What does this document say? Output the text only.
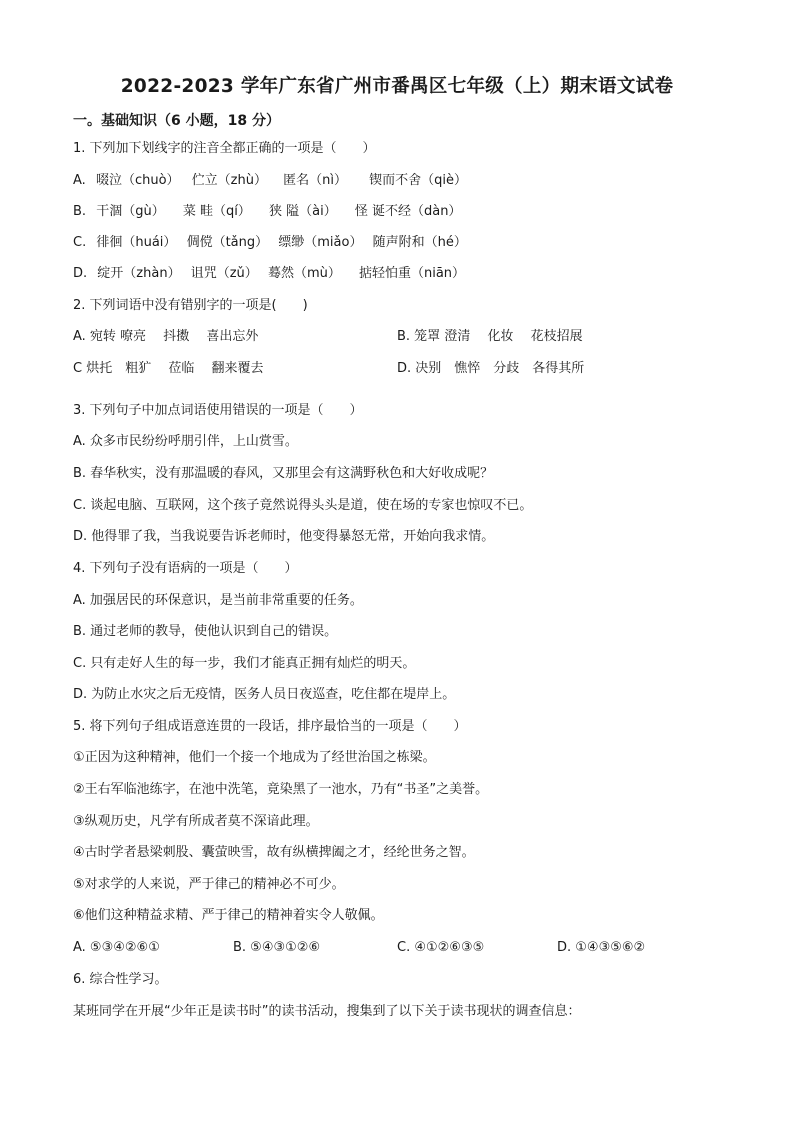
2022-2023 学年广东省广州市番禺区七年级（上）期末语文试卷
一。基础知识（6 小题，18 分）
1. 下列加下划线字的注音全都正确的一项是（　　）
A. 啜泣（chuò） 伫立（zhù） 匿名（nì） 锲而不舍（qiè）
B. 干涸（gù） 菜 畦（qí） 狭 隘（ài） 怪 诞不经（dàn）
C. 徘徊（huái） 倜傥（tǎng） 缥缈（miǎo） 随声附和（hé）
D. 绽开（zhàn） 诅咒（zǔ） 蓦然（mù） 掂轻怕重（niān）
2. 下列词语中没有错别字的一项是(　　)
A. 宛转 嘹亮　 抖擞　 喜出忘外	B. 笼罩 澄清　 化妆　 花枝招展
C 烘托　粗犷　 莅临　 翻来覆去	D. 决别　憔悴　分歧　各得其所
3. 下列句子中加点词语使用错误的一项是（　　）
A. 众多市民纷纷呼朋引伴，上山赏雪。
B. 春华秋实，没有那温暖的春风，又那里会有这满野秋色和大好收成呢？
C. 谈起电脑、互联网，这个孩子竟然说得头头是道，使在场的专家也惊叹不已。
D. 他得罪了我，当我说要告诉老师时，他变得暴怒无常，开始向我求情。
4. 下列句子没有语病的一项是（　　）
A. 加强居民的环保意识，是当前非常重要的任务。
B. 通过老师的教导，使他认识到自己的错误。
C. 只有走好人生的每一步，我们才能真正拥有灿烂的明天。
D. 为防止水灾之后无疫情，医务人员日夜巡查，吃住都在堤岸上。
5. 将下列句子组成语意连贯的一段话，排序最恰当的一项是（　　）
①正因为这种精神，他们一个接一个地成为了经世治国之栋梁。
②王右军临池练字，在池中洗笔，竟染黑了一池水，乃有“书圣”之美誉。
③纵观历史，凡学有所成者莫不深谙此理。
④古时学者悬梁刺股、囊萤映雪，故有纵横捭阖之才，经纶世务之智。
⑤对求学的人来说，严于律己的精神必不可少。
⑥他们这种精益求精、严于律己的精神着实令人敬佩。
A. ⑤③④②⑥①	B. ⑤④③①②⑥	C. ④①②⑥③⑤	D. ①④③⑤⑥②
6. 综合性学习。
某班同学在开展“少年正是读书时”的读书活动，搜集到了以下关于读书现状的调查信息：
